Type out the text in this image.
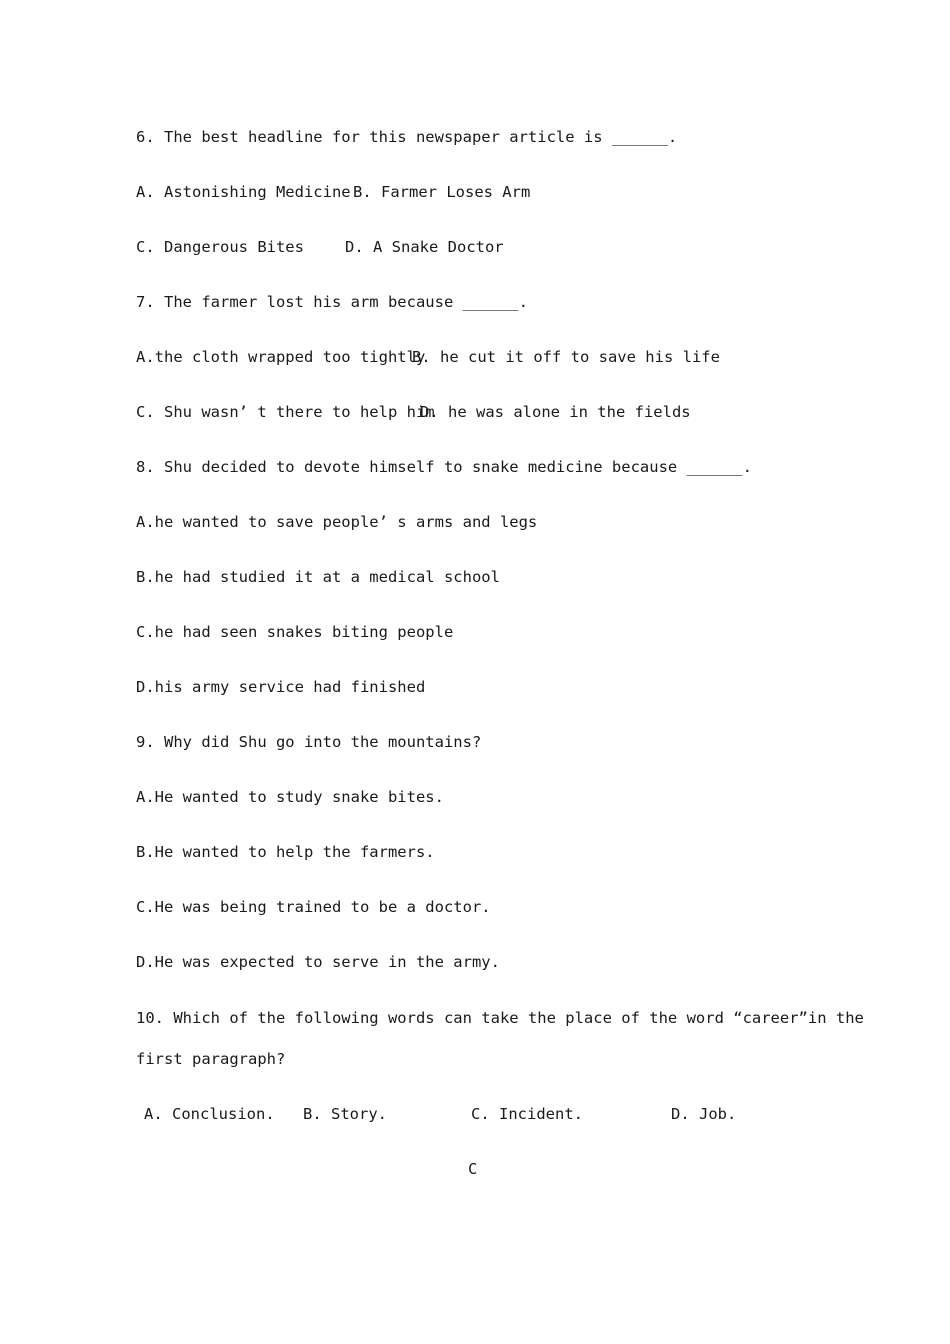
6. The best headline for this newspaper article is ______.
A. Astonishing Medicine B. Farmer Loses Arm
C. Dangerous Bites	D. A Snake Doctor
7. The farmer lost his arm because ______.
A.the cloth wrapped too tightly
B. he cut it off to save his life
C. Shu wasn’ t there to help him
D. he was alone in the fields
8. Shu decided to devote himself to snake medicine because ______.
A.he wanted to save people’ s arms and legs
B.he had studied it at a medical school
C.he had seen snakes biting people
D.his army service had finished
9. Why did Shu go into the mountains?
A.He wanted to study snake bites.
B.He wanted to help the farmers.
C.He was being trained to be a doctor.
D.He was expected to serve in the army.
10. Which of the following words can take the place of the word “career”in the
first paragraph?
A. Conclusion. B. Story.	C. Incident.	D. Job.
C
